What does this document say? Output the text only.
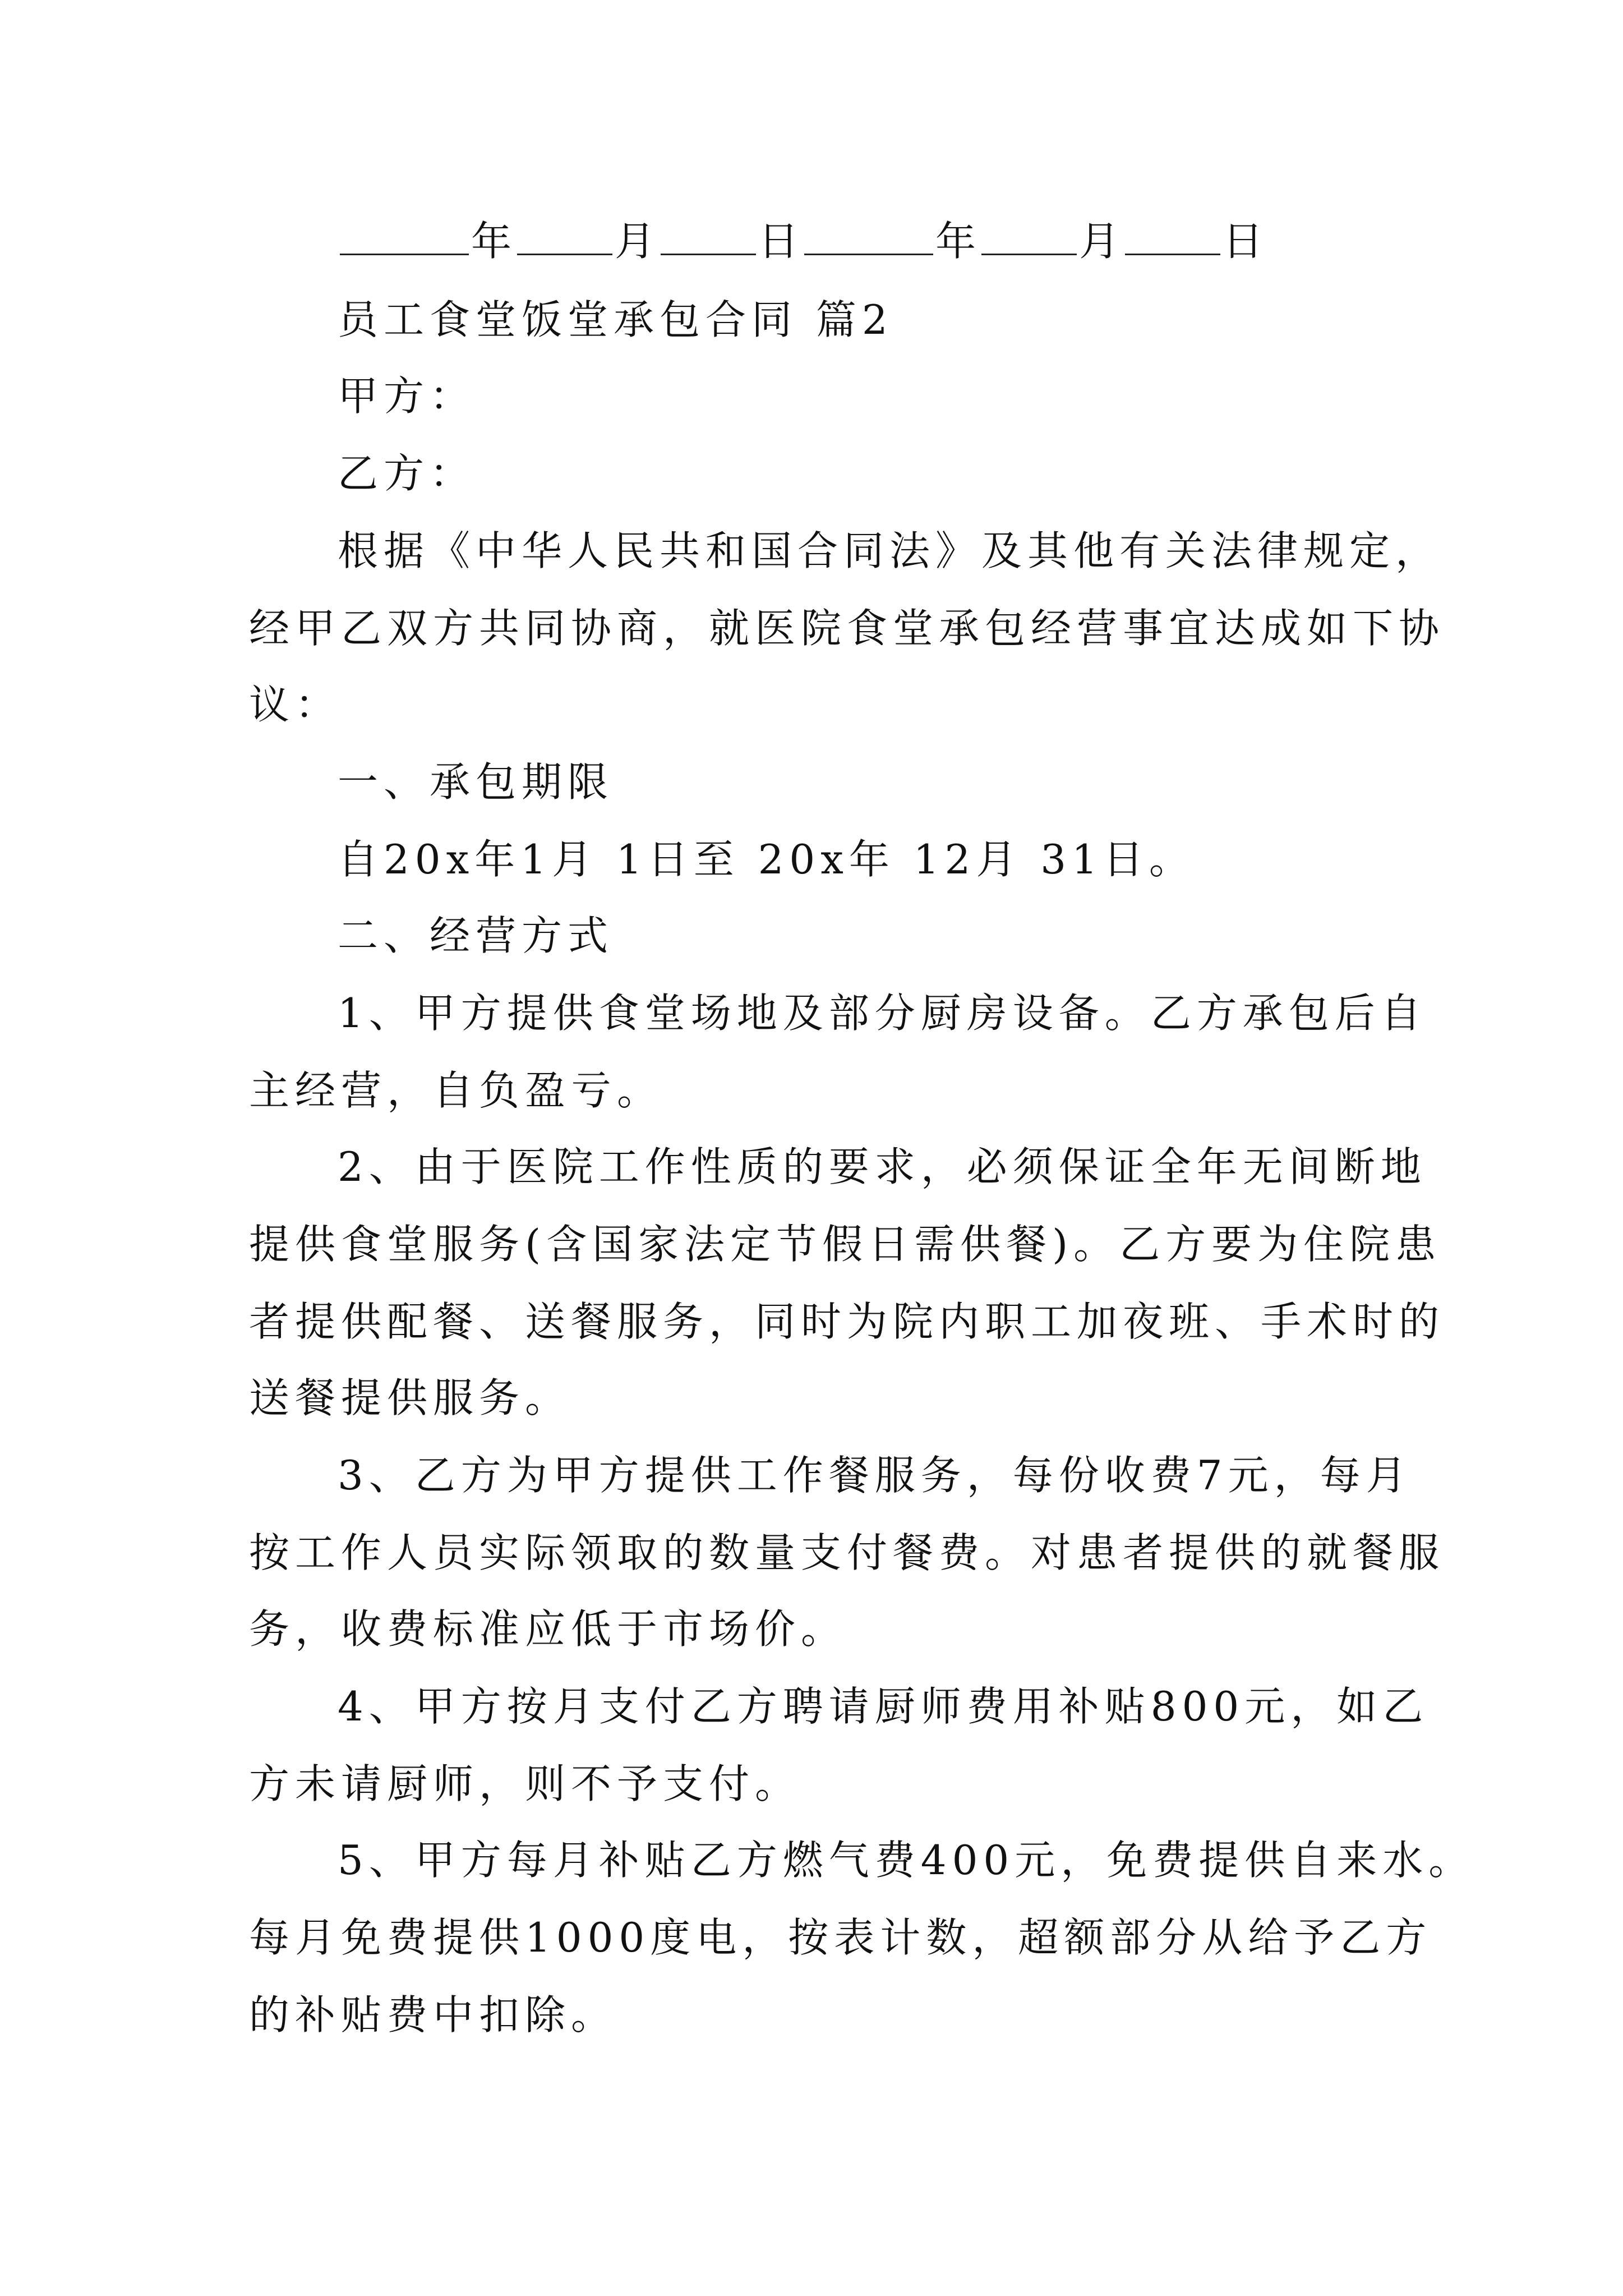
年 月 日	年 月 日
员工食堂饭堂承包合同 篇2
甲方：
乙方：
根据《中华人民共和国合同法》及其他有关法律规定，
经甲乙双方共同协商，就医院食堂承包经营事宜达成如下协
议：
一、承包期限
自20x年1月 1日至 20x年 12月 31日。
二、经营方式
1、甲方提供食堂场地及部分厨房设备。乙方承包后自
主经营，自负盈亏。
2、由于医院工作性质的要求，必须保证全年无间断地
提供食堂服务(含国家法定节假日需供餐)。乙方要为住院患
者提供配餐、送餐服务，同时为院内职工加夜班、手术时的
送餐提供服务。
3、乙方为甲方提供工作餐服务，每份收费7元，每月
按工作人员实际领取的数量支付餐费。对患者提供的就餐服
务，收费标准应低于市场价。
4、甲方按月支付乙方聘请厨师费用补贴800元，如乙
方未请厨师，则不予支付。
5、甲方每月补贴乙方燃气费400元，免费提供自来水。
每月免费提供1000度电，按表计数，超额部分从给予乙方
的补贴费中扣除。
